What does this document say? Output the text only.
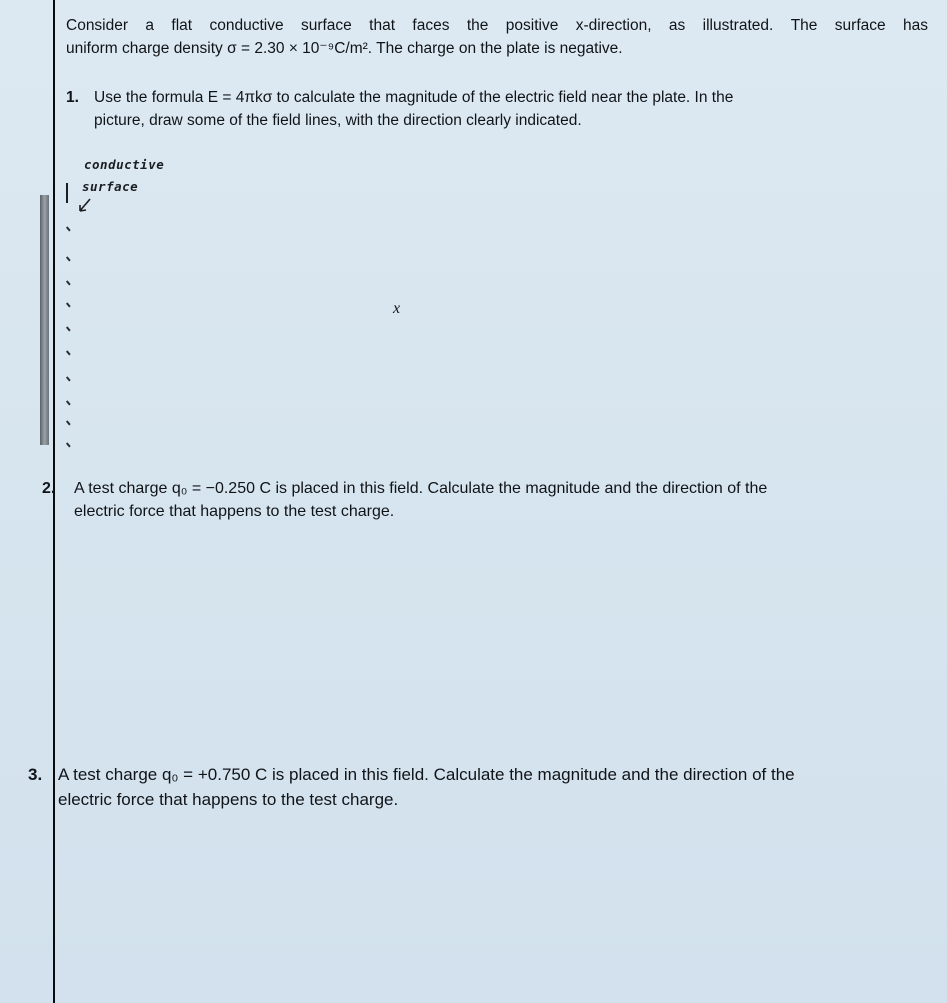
Consider a flat conductive surface that faces the positive x-direction, as illustrated. The surface has
uniform charge density σ = 2.30 × 10⁻⁹C/m². The charge on the plate is negative.
1. Use the formula E = 4πkσ to calculate the magnitude of the electric field near the plate. In the
picture, draw some of the field lines, with the direction clearly indicated.
conductive
surface
x
2. A test charge q₀ = −0.250 C is placed in this field. Calculate the magnitude and the direction of the
electric force that happens to the test charge.
3. A test charge q₀ = +0.750 C is placed in this field. Calculate the magnitude and the direction of the
electric force that happens to the test charge.
